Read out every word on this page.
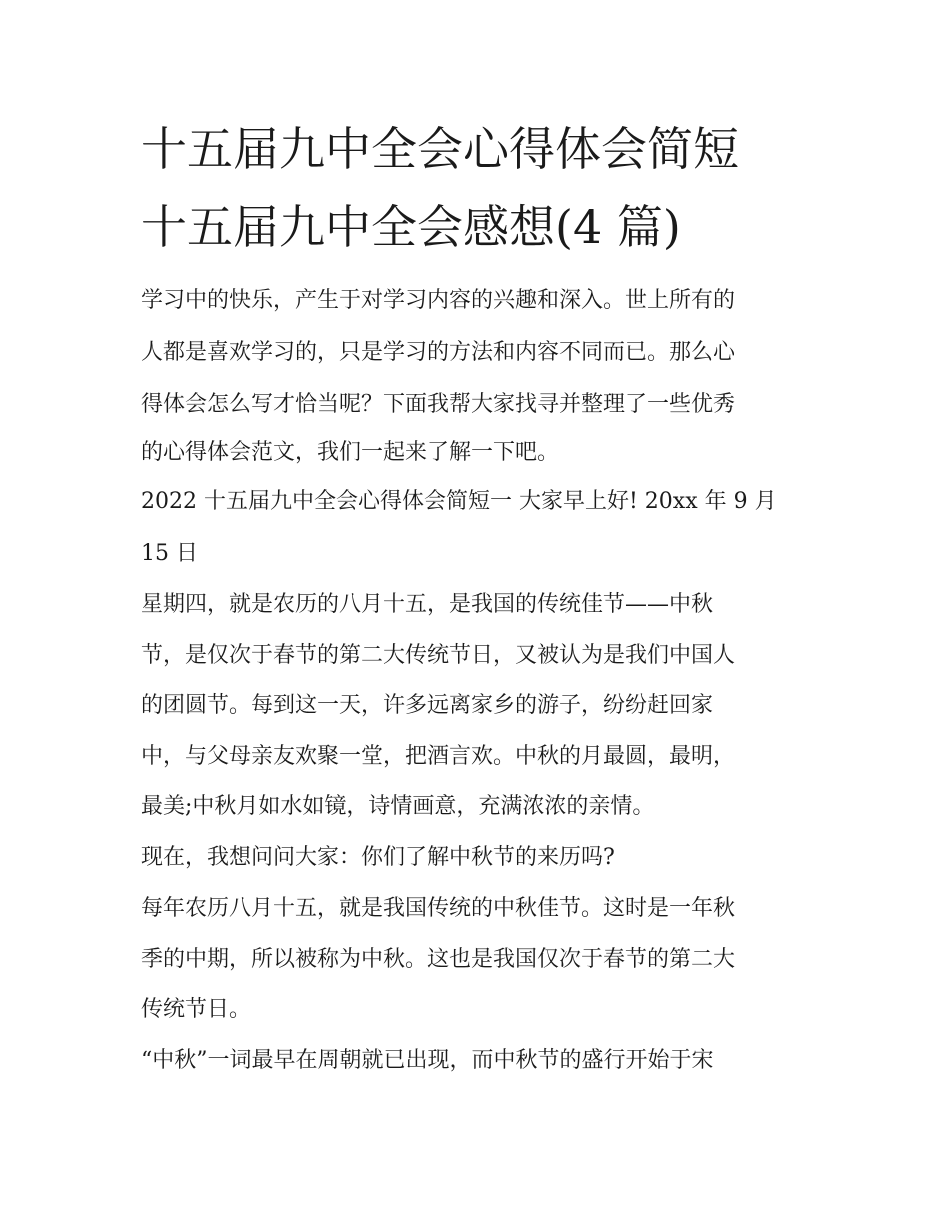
十五届九中全会心得体会简短
十五届九中全会感想(4 篇)

学习中的快乐，产生于对学习内容的兴趣和深入。世上所有的

人都是喜欢学习的，只是学习的方法和内容不同而已。那么心

得体会怎么写才恰当呢？下面我帮大家找寻并整理了一些优秀

的心得体会范文，我们一起来了解一下吧。

2022 十五届九中全会心得体会简短一 大家早上好! 20xx 年 9 月

15 日

星期四，就是农历的八月十五，是我国的传统佳节——中秋

节，是仅次于春节的第二大传统节日，又被认为是我们中国人

的团圆节。每到这一天，许多远离家乡的游子，纷纷赶回家

中，与父母亲友欢聚一堂，把酒言欢。中秋的月最圆，最明，

最美;中秋月如水如镜，诗情画意，充满浓浓的亲情。

现在，我想问问大家：你们了解中秋节的来历吗?

每年农历八月十五，就是我国传统的中秋佳节。这时是一年秋

季的中期，所以被称为中秋。这也是我国仅次于春节的第二大

传统节日。

“中秋”一词最早在周朝就已出现，而中秋节的盛行开始于宋
